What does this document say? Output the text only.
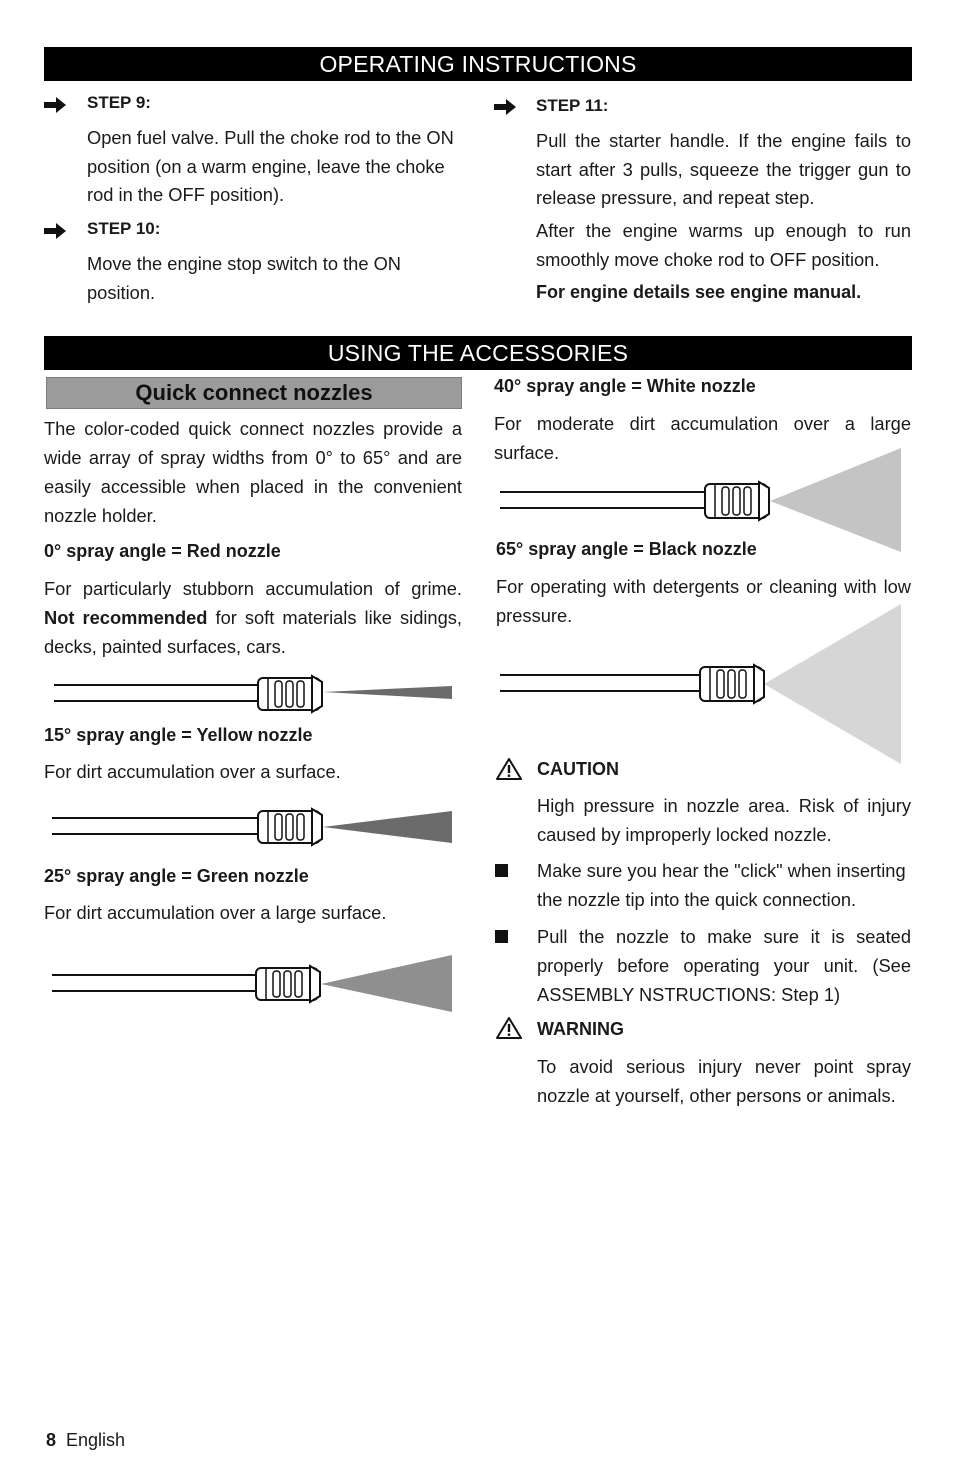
OPERATING INSTRUCTIONS
STEP 9:
Open fuel valve. Pull the choke rod to the ON position (on a warm engine, leave the choke rod in the OFF position).
STEP 10:
Move the engine stop switch to the ON position.
STEP 11:
Pull the starter handle. If the engine fails to start after 3 pulls, squeeze the trigger gun to release pressure, and repeat step.
After the engine warms up enough to run smoothly move choke rod to OFF position.
For engine details see engine manual.
USING THE ACCESSORIES
Quick connect nozzles
The color-coded quick connect nozzles provide a wide array of spray widths from 0° to 65° and are easily accessible when placed in the convenient nozzle holder.
0° spray angle = Red nozzle
For particularly stubborn accumulation of grime. Not recommended for soft materials like sidings, decks, painted surfaces, cars.
15° spray angle = Yellow nozzle
For dirt accumulation over a surface.
25° spray angle = Green nozzle
For dirt accumulation over a large surface.
40° spray angle = White nozzle
For moderate dirt accumulation over a large surface.
65° spray angle = Black nozzle
For operating with detergents or cleaning with low pressure.
CAUTION
High pressure in nozzle area. Risk of injury caused by improperly locked nozzle.
Make sure you hear the "click" when inserting the nozzle tip into the quick connection.
Pull the nozzle to make sure it is seated properly before operating your unit. (See ASSEMBLY NSTRUCTIONS: Step 1)
WARNING
To avoid serious injury never point spray nozzle at yourself, other persons or animals.
8 English
